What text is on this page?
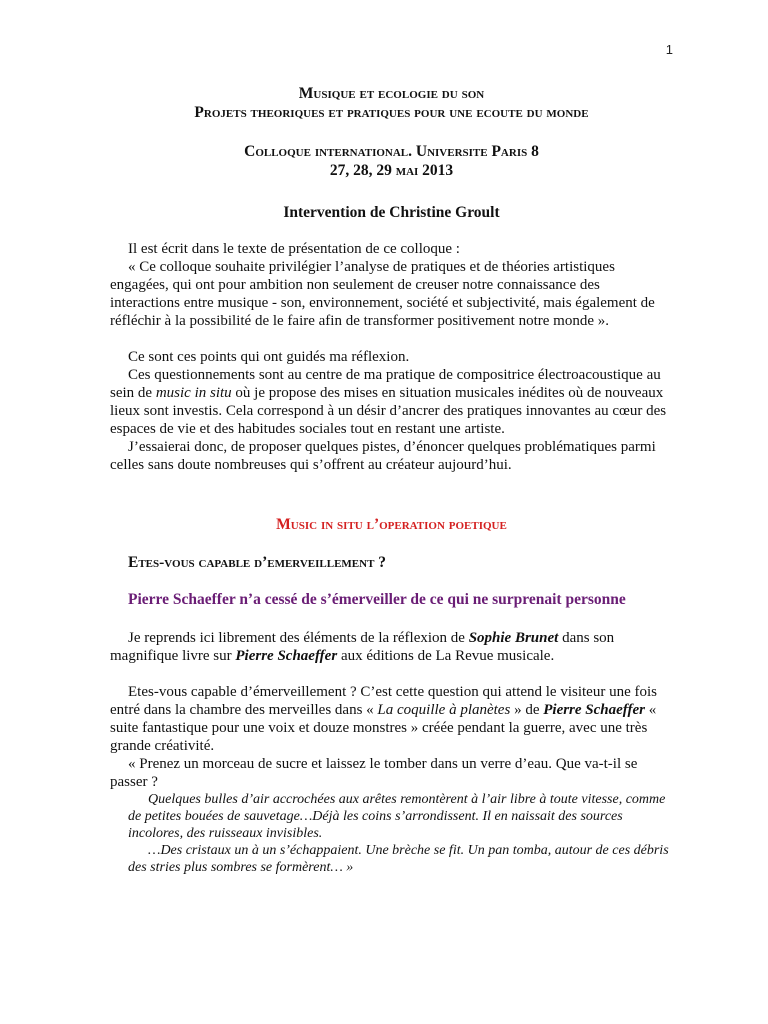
1

Musique et ecologie du son

Projets theoriques et pratiques pour une ecoute du monde

Colloque international. Universite Paris 8

27, 28, 29 mai 2013

Intervention de Christine Groult

Il est écrit dans le texte de présentation de ce colloque :

« Ce colloque souhaite privilégier l’analyse de pratiques et de théories artistiques engagées, qui ont pour ambition non seulement de creuser notre connaissance des interactions entre musique - son, environnement, société et subjectivité, mais également de réfléchir à la possibilité de le faire afin de transformer positivement notre monde ».

Ce sont ces points qui ont guidés ma réflexion.

Ces questionnements sont au centre de ma pratique de compositrice électroacoustique au sein de music in situ où je propose des mises en situation musicales inédites où de nouveaux lieux sont investis. Cela correspond à un désir d’ancrer des pratiques innovantes au cœur des espaces de vie et des habitudes sociales tout en restant une artiste.

J’essaierai donc, de proposer quelques pistes, d’énoncer quelques problématiques parmi celles sans doute nombreuses qui s’offrent au créateur aujourd’hui.

Music in situ l’operation poetique

Etes-vous capable d’emerveillement ?

Pierre Schaeffer n’a cessé de s’émerveiller de ce qui ne surprenait personne

Je reprends ici librement des éléments de la réflexion de Sophie Brunet dans son magnifique livre sur Pierre Schaeffer aux éditions de La Revue musicale.

Etes-vous capable d’émerveillement ? C’est cette question qui attend le visiteur une fois entré dans la chambre des merveilles dans « La coquille à planètes » de Pierre Schaeffer « suite fantastique pour une voix et douze monstres » créée pendant la guerre, avec une très grande créativité.

« Prenez un morceau de sucre et laissez le tomber dans un verre d’eau. Que va-t-il se passer ?

Quelques bulles d’air accrochées aux arêtes remontèrent à l’air libre à toute vitesse, comme de petites bouées de sauvetage…Déjà les coins s’arrondissent. Il en naissait des sources incolores, des ruisseaux invisibles.

…Des cristaux un à un s’échappaient. Une brèche se fit. Un pan tomba, autour de ces débris des stries plus sombres se formèrent… »
